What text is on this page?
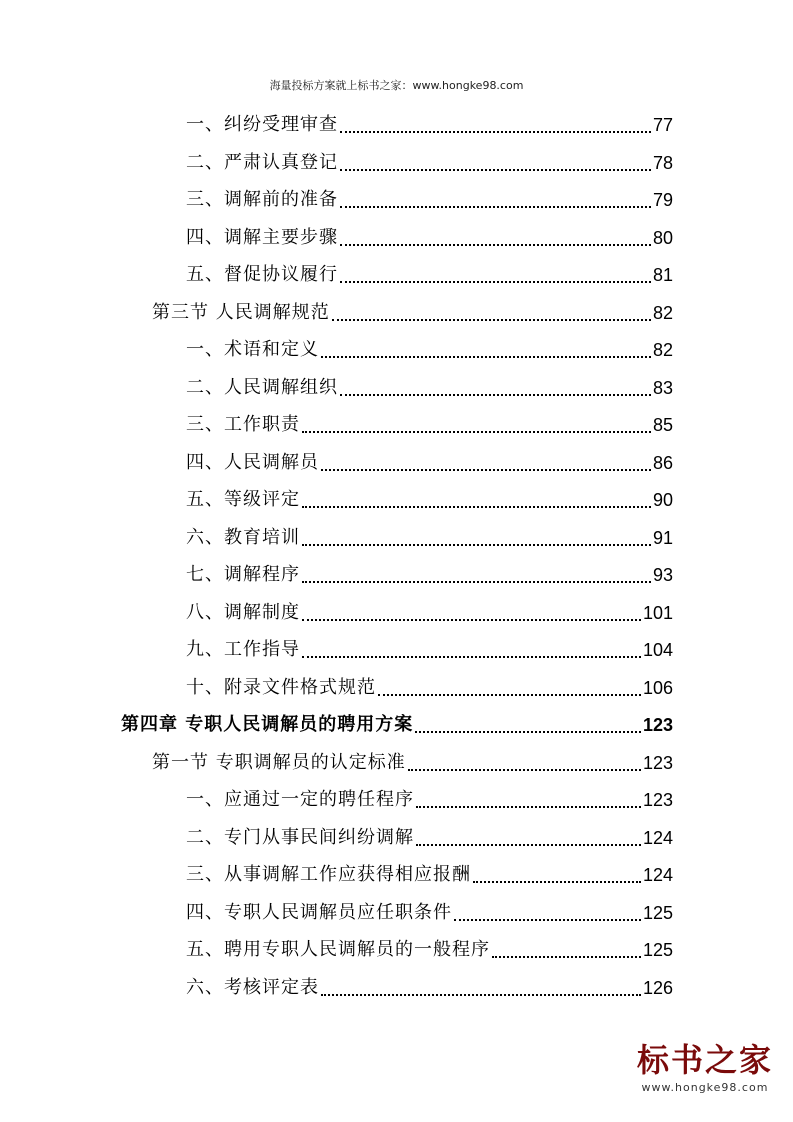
海量投标方案就上标书之家：www.hongke98.com
一、纠纷受理审查	77
二、严肃认真登记	78
三、调解前的准备	79
四、调解主要步骤	80
五、督促协议履行	81
第三节 人民调解规范	82
一、术语和定义	82
二、人民调解组织	83
三、工作职责	85
四、人民调解员	86
五、等级评定	90
六、教育培训	91
七、调解程序	93
八、调解制度	101
九、工作指导	104
十、附录文件格式规范	106
第四章 专职人民调解员的聘用方案	123
第一节 专职调解员的认定标准	123
一、应通过一定的聘任程序	123
二、专门从事民间纠纷调解	124
三、从事调解工作应获得相应报酬	124
四、专职人民调解员应任职条件	125
五、聘用专职人民调解员的一般程序	125
六、考核评定表	126
标书之家
www.hongke98.com
